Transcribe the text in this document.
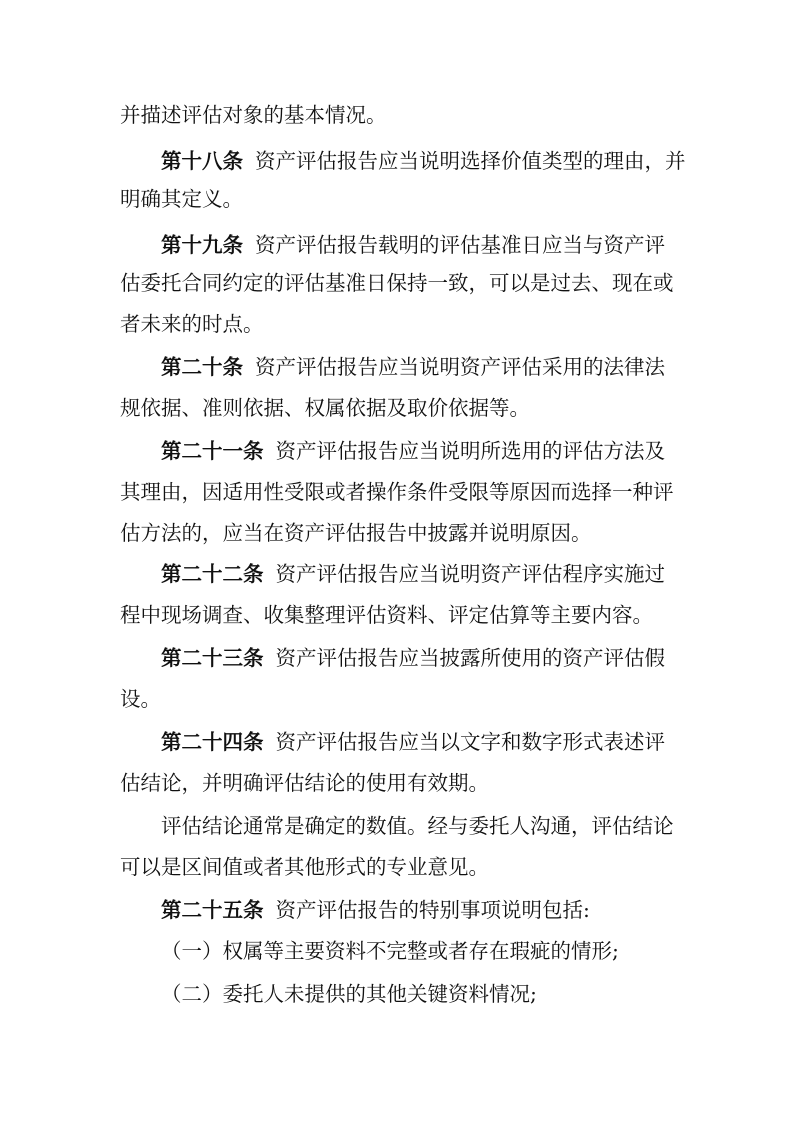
并描述评估对象的基本情况。
第十八条 资产评估报告应当说明选择价值类型的理由，并
明确其定义。
第十九条 资产评估报告载明的评估基准日应当与资产评
估委托合同约定的评估基准日保持一致，可以是过去、现在或
者未来的时点。
第二十条 资产评估报告应当说明资产评估采用的法律法
规依据、准则依据、权属依据及取价依据等。
第二十一条 资产评估报告应当说明所选用的评估方法及
其理由，因适用性受限或者操作条件受限等原因而选择一种评
估方法的，应当在资产评估报告中披露并说明原因。
第二十二条 资产评估报告应当说明资产评估程序实施过
程中现场调查、收集整理评估资料、评定估算等主要内容。
第二十三条 资产评估报告应当披露所使用的资产评估假
设。
第二十四条 资产评估报告应当以文字和数字形式表述评
估结论，并明确评估结论的使用有效期。
评估结论通常是确定的数值。经与委托人沟通，评估结论
可以是区间值或者其他形式的专业意见。
第二十五条 资产评估报告的特别事项说明包括:
（一）权属等主要资料不完整或者存在瑕疵的情形;
（二）委托人未提供的其他关键资料情况;
